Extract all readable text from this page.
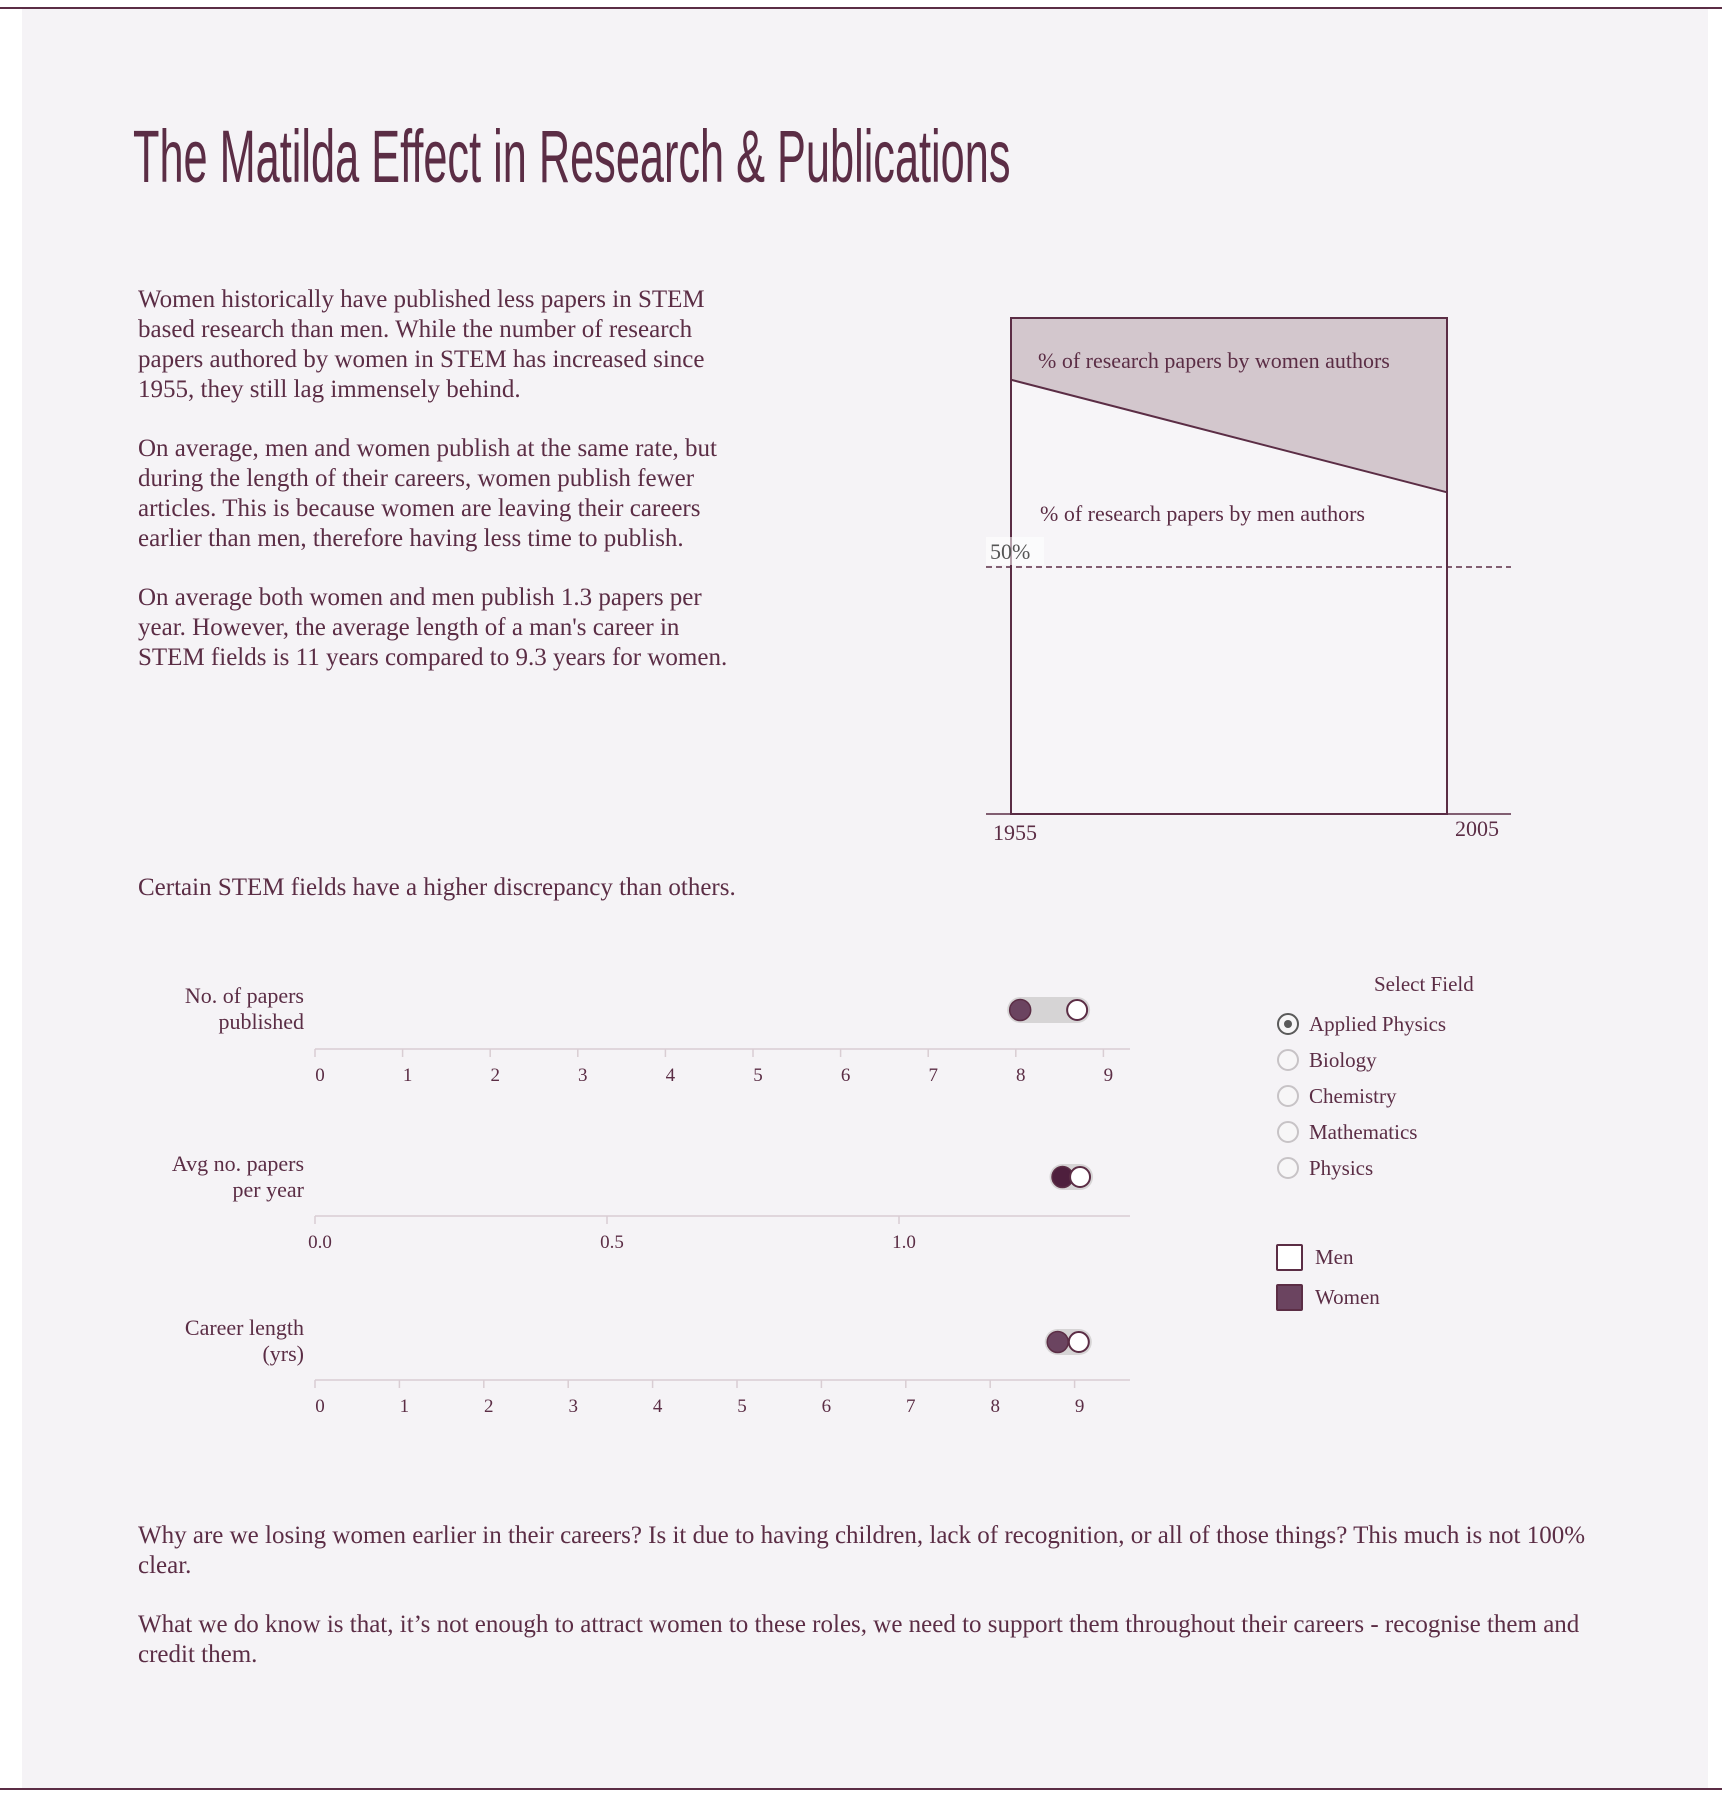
The Matilda Effect in Research & Publications

Women historically have published less papers in STEM based research than men. While the number of research papers authored by women in STEM has increased since 1955, they still lag immensely behind.

On average, men and women publish at the same rate, but during the length of their careers, women publish fewer articles. This is because women are leaving their careers earlier than men, therefore having less time to publish.

On average both women and men publish 1.3 papers per year. However, the average length of a man's career in STEM fields is 11 years compared to 9.3 years for women.

50%
% of research papers by women authors
% of research papers by men authors
1955	2005
Certain STEM fields have a higher discrepancy than others.
No. of papers
published
Avg no. papers
per year
Career length
(yrs)
0	1	2	3	4	5	6	7	8	9
0.0	0.5	1.0
0	1	2	3	4	5	6	7	8	9
Select Field
Applied Physics
Biology
Chemistry
Mathematics
Physics
Men
Women

Why are we losing women earlier in their careers? Is it due to having children, lack of recognition, or all of those things? This much is not 100% clear.

What we do know is that, it’s not enough to attract women to these roles, we need to support them throughout their careers - recognise them and credit them.
